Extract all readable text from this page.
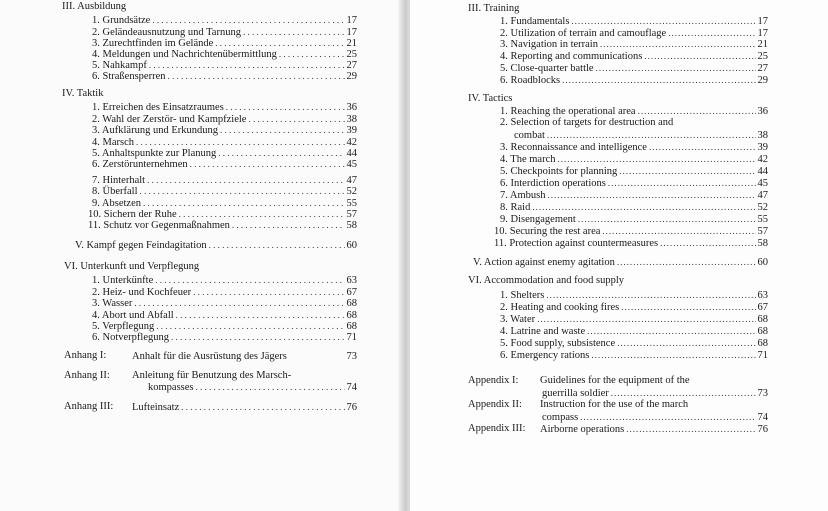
III. Ausbildung
1. Grundsätze . . .	17
2. Geländeausnutzung und Tarnung . . .	17
3. Zurechtfinden im Gelände . . .	21
4. Meldungen und Nachrichtenübermittlung . . .	25
5. Nahkampf . . .	27
6. Straßensperren . . .	29
IV. Taktik
1. Erreichen des Einsatzraumes . . .	36
2. Wahl der Zerstör- und Kampfziele . . .	38
3. Aufklärung und Erkundung . . .	39
4. Marsch . . .	42
5. Anhaltspunkte zur Planung . . .	44
6. Zerstörunternehmen . . .	45
7. Hinterhalt . . .	47
8. Überfall . . .	52
9. Absetzen . . .	55
10. Sichern der Ruhe . . .	57
11. Schutz vor Gegenmaßnahmen . . .	58
V. Kampf gegen Feindagitation . . .	60
VI. Unterkunft und Verpflegung
1. Unterkünfte . . .	63
2. Heiz- und Kochfeuer . . .	67
3. Wasser . . .	68
4. Abort und Abfall . . .	68
5. Verpflegung . . .	68
6. Notverpflegung . . .	71
Anhang I: Anhalt für die Ausrüstung des Jägers	73
Anhang II: Anleitung für Benutzung des Marsch-
kompasses . . .	74
Anhang III: Lufteinsatz . . .	76
III. Training
1. Fundamentals .....	17
2. Utilization of terrain and camouflage .....	17
3. Navigation in terrain .....	21
4. Reporting and communications .....	25
5. Close-quarter battle .....	27
6. Roadblocks .....	29
IV. Tactics
1. Reaching the operational area .....	36
2. Selection of targets for destruction and
combat .....	38
3. Reconnaissance and intelligence .....	39
4. The march .....	42
5. Checkpoints for planning .....	44
6. Interdiction operations .....	45
7. Ambush .....	47
8. Raid .....	52
9. Disengagement .....	55
10. Securing the rest area .....	57
11. Protection against countermeasures .....	58
V. Action against enemy agitation .....	60
VI. Accommodation and food supply
1. Shelters .....	63
2. Heating and cooking fires .....	67
3. Water .....	68
4. Latrine and waste .....	68
5. Food supply, subsistence .....	68
6. Emergency rations .....	71
Appendix I: Guidelines for the equipment of the
guerrilla soldier .....	73
Appendix II: Instruction for the use of the march
compass .....	74
Appendix III: Airborne operations .....	76
